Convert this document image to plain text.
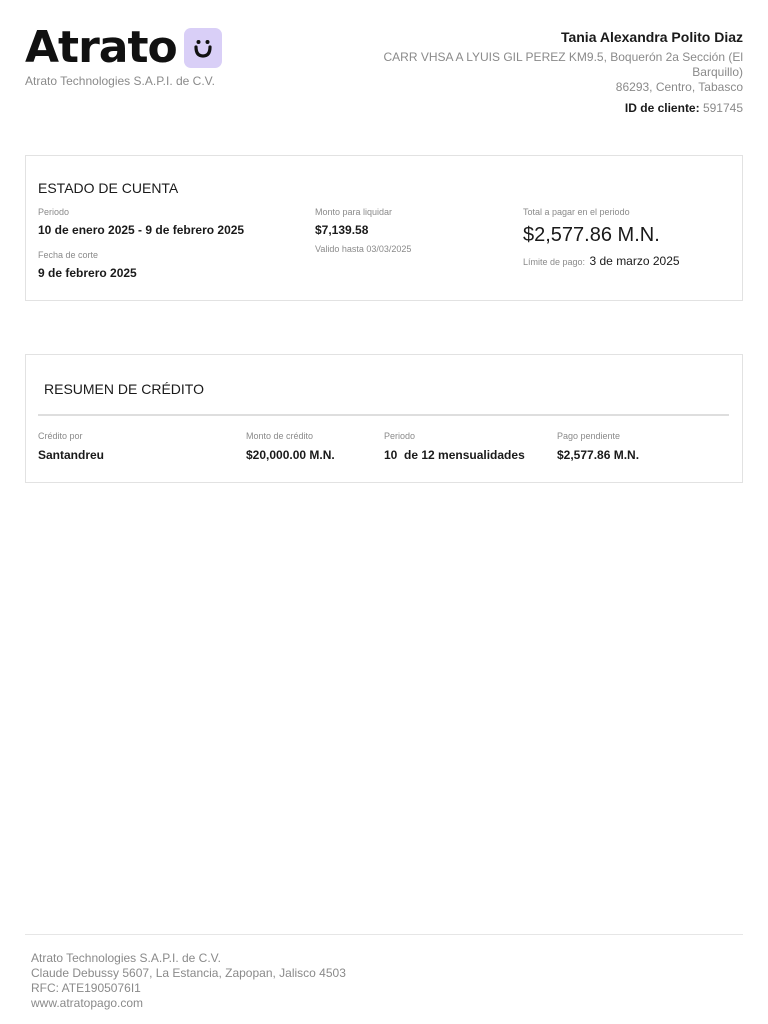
Atrato
Atrato Technologies S.A.P.I. de C.V.
Tania Alexandra Polito Diaz
CARR VHSA A LYUIS GIL PEREZ KM9.5, Boquerón 2a Sección (El Barquillo)
86293, Centro, Tabasco
ID de cliente: 591745
ESTADO DE CUENTA
Periodo
10 de enero 2025 - 9 de febrero 2025
Fecha de corte
9 de febrero 2025
Monto para liquidar
$7,139.58
Valido hasta 03/03/2025
Total a pagar en el periodo
$2,577.86 M.N.
Límite de pago: 3 de marzo 2025
RESUMEN DE CRÉDITO
Crédito por
Santandreu
Monto de crédito
$20,000.00 M.N.
Periodo
10  de 12 mensualidades
Pago pendiente
$2,577.86 M.N.
Atrato Technologies S.A.P.I. de C.V.
Claude Debussy 5607, La Estancia, Zapopan, Jalisco 4503
RFC: ATE1905076I1
www.atratopago.com
